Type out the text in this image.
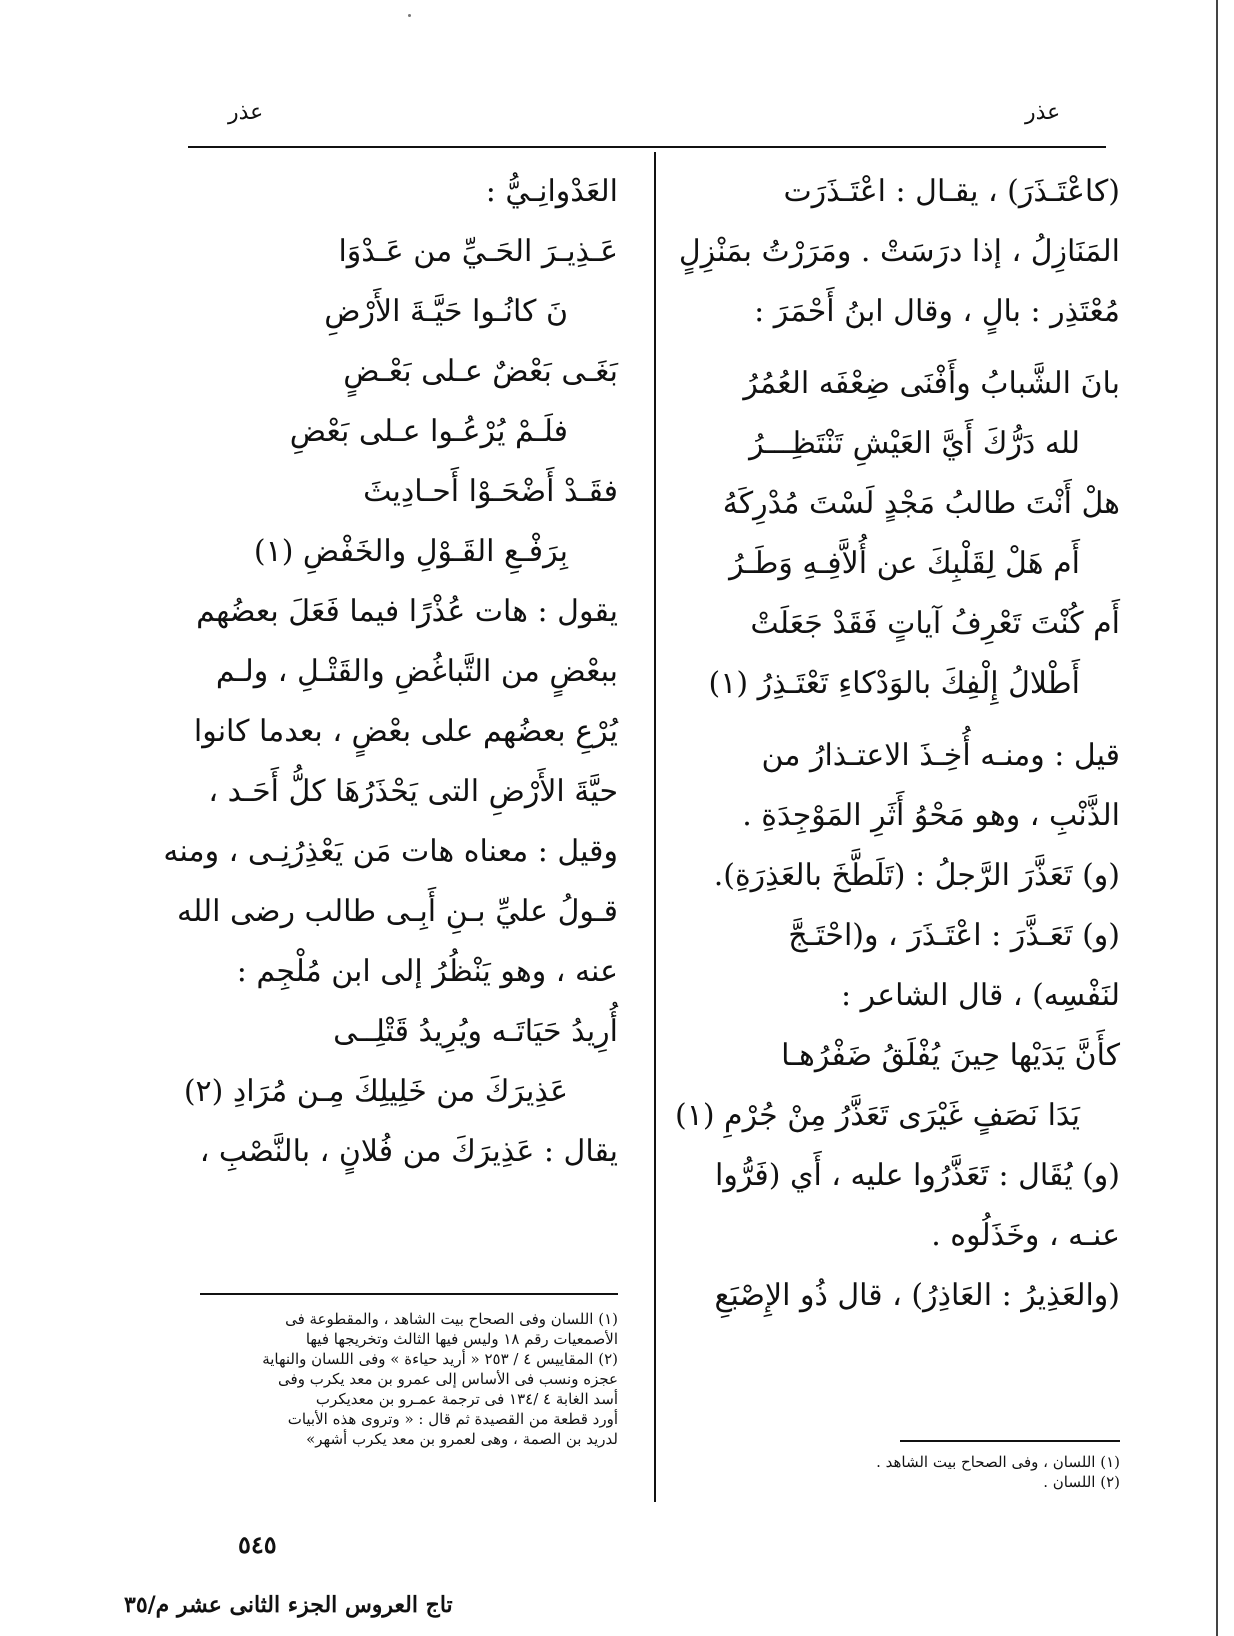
عذر
عذر
(كاعْتَـذَرَ) ، يقـال : اعْتَـذَرَت
المَنَازِلُ ، إذا درَسَتْ . ومَرَرْتُ بمَنْزِلٍ
مُعْتَذِر : بالٍ ، وقال ابنُ أَحْمَرَ :
بانَ الشَّبابُ وأَفْنَى ضِعْفَه العُمُرُ
لله دَرُّكَ أَيَّ العَيْشِ تَنْتَظِـــرُ
هلْ أَنْتَ طالبُ مَجْدٍ لَسْتَ مُدْرِكَهُ
أَم هَلْ لِقَلْبِكَ عن أُلاَّفِـهِ وَطَـرُ
أَم كُنْتَ تَعْرِفُ آياتٍ فَقَدْ جَعَلَتْ
أَطْلالُ إِلْفِكَ بالوَدْكاءِ تَعْتَـذِرُ (١)
قيل : ومنـه أُخِـذَ الاعتـذارُ من
الذَّنْبِ ، وهو مَحْوُ أَثَرِ المَوْجِدَةِ .
(و) تَعَذَّرَ الرَّجلُ : (تَلَطَّخَ بالعَذِرَةِ).
(و) تَعَـذَّرَ : اعْتَـذَرَ ، و(احْتَـجَّ
لنَفْسِه) ، قال الشاعر :
كأَنَّ يَدَيْها حِينَ يُفْلَقُ ضَفْرُهـا
يَدَا نَصَفٍ غَيْرَى تَعَذَّرُ مِنْ جُرْمِ (١)
(و) يُقَال : تَعَذَّرُوا عليه ، أَي (فَرُّوا
عنـه ، وخَذَلُوه .
(والعَذِيرُ : العَاذِرُ) ، قال ذُو الإِصْبَعِ
(١) اللسان ، وفى الصحاح بيت الشاهد .
(٢) اللسان .
العَدْوانِـيُّ :
عَـذِيـرَ الحَـيِّ من عَـدْوَا
نَ كانُـوا حَيَّـةَ الأَرْضِ
بَغَـى بَعْضٌ عـلى بَعْـضٍ
فلَـمْ يُرْعُـوا عـلى بَعْضِ
فقَـدْ أَضْحَـوْا أَحـادِيثَ
بِرَفْـعِ القَـوْلِ والخَفْضِ (١)
يقول : هات عُذْرًا فيما فَعَلَ بعضُهم
ببعْضٍ من التَّباغُضِ والقَتْـلِ ، ولـم
يُرْعِ بعضُهم على بعْضٍ ، بعدما كانوا
حيَّةَ الأَرْضِ التى يَحْذَرُهَا كلُّ أَحَـد ،
وقيل : معناه هات مَن يَعْذِرُنِـى ، ومنه
قـولُ عليِّ بـنِ أَبِـى طالب رضى الله
عنه ، وهو يَنْظُرُ إلى ابن مُلْجِم :
أُرِيدُ حَيَاتَـه ويُرِيدُ قَتْلِــى
عَذِيرَكَ من خَلِيلِكَ مِـن مُرَادِ (٢)
يقال : عَذِيرَكَ من فُلانٍ ، بالنَّصْبِ ،
(١) اللسان وفى الصحاح بيت الشاهد ، والمقطوعة فى
الأصمعيات رقم ١٨ وليس فيها الثالث وتخريجها فيها
(٢) المقاييس ٤ / ٢٥٣ « أريد حياءة » وفى اللسان والنهاية
عجزه ونسب فى الأساس إلى عمرو بن معد يكرب وفى
أسد الغابة ٤ /١٣٤ فى ترجمة عمـرو بن معديكرب
أورد قطعة من القصيدة ثم قال : « وتروى هذه الأبيات
لدريد بن الصمة ، وهى لعمرو بن معد يكرب أشهر»
٥٤٥
تاج العروس الجزء الثانى عشر م/٣٥
